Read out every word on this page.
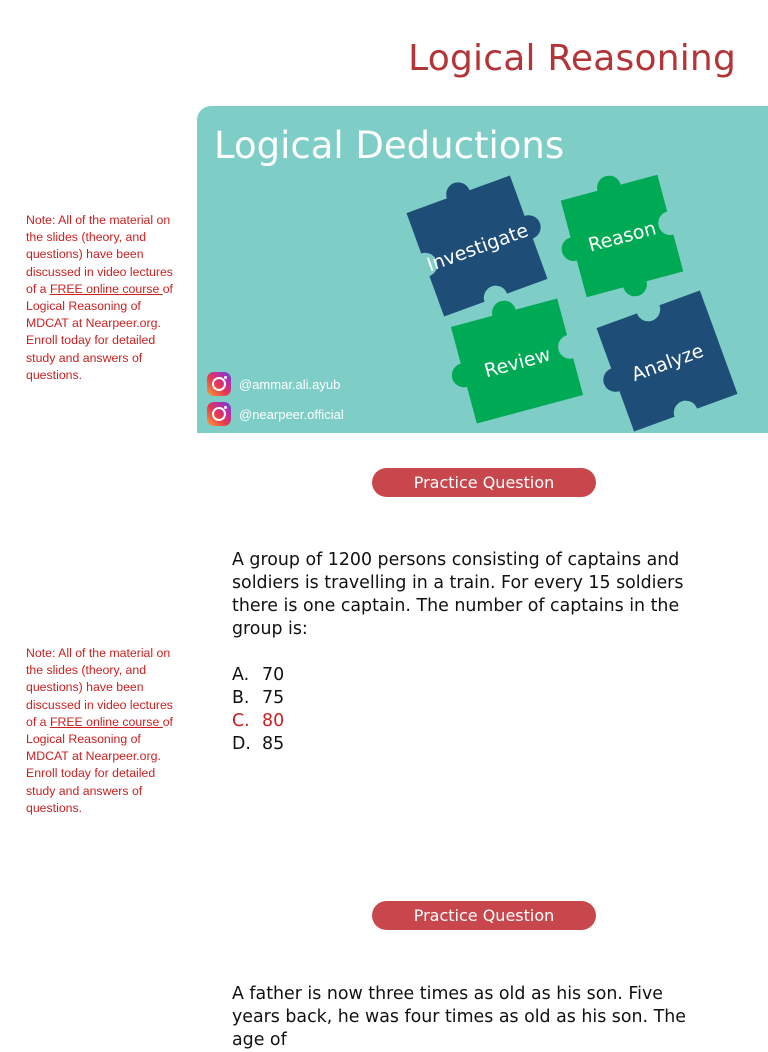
Logical Reasoning
Logical Deductions
Investigate	Reason
Review	Analyze
@ammar.ali.ayub
@nearpeer.official
Note: All of the material on the slides (theory, and questions) have been discussed in video lectures of a FREE online course of Logical Reasoning of MDCAT at Nearpeer.org. Enroll today for detailed study and answers of questions.
Practice Question
A group of 1200 persons consisting of captains and soldiers is travelling in a train. For every 15 soldiers there is one captain. The number of captains in the group is:
A. 70
B. 75
C. 80
D. 85
Note: All of the material on the slides (theory, and questions) have been discussed in video lectures of a FREE online course of Logical Reasoning of MDCAT at Nearpeer.org. Enroll today for detailed study and answers of questions.
Practice Question
A father is now three times as old as his son. Five years back, he was four times as old as his son. The age of
